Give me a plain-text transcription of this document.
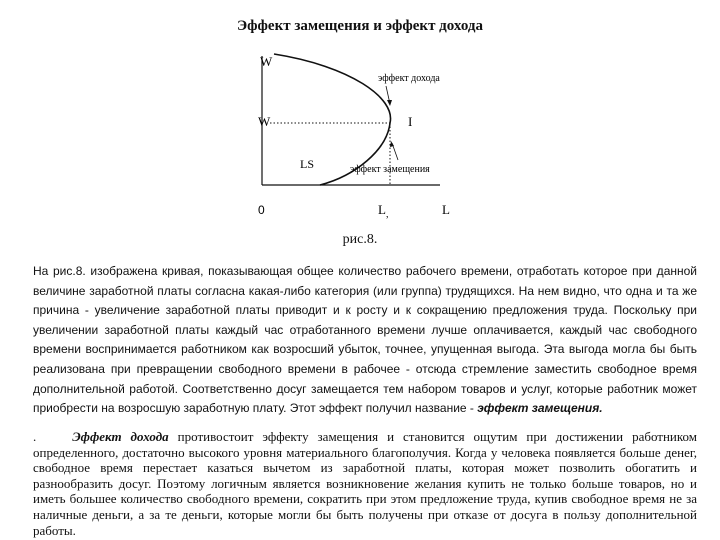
Эффект замещения и эффект дохода
W
W	I
эффект дохода
LS	эффект замещения
0	$L_,$	L
рис.8.

На рис.8. изображена кривая, показывающая общее количество рабочего времени, отработать которое при данной величине заработной платы согласна какая-либо категория (или группа) трудящихся. На нем видно, что одна и та же причина - увеличение заработной платы приводит и к росту и к сокращению предложения труда. Поскольку при увеличении заработной платы каждый час отработанного времени лучше оплачивается, каждый час свободного времени воспринимается работником как возросший убыток, точнее, упущенная выгода. Эта выгода могла бы быть реализована при превращении свободного времени в рабочее - отсюда стремление заместить свободное время дополнительной работой. Соответственно досуг замещается тем набором товаров и услуг, которые работник может приобрести на возросшую заработную плату. Этот эффект получил название - эффект замещения.

.	Эффект дохода противостоит эффекту замещения и становится ощутим при достижении работником определенного, достаточно высокого уровня материального благополучия. Когда у человека появляется больше денег, свободное время перестает казаться вычетом из заработной платы, которая может позволить обогатить и разнообразить досуг. Поэтому логичным является возникновение желания купить не только больше товаров, но и иметь большее количество свободного времени, сократить при этом предложение труда, купив свободное время не за наличные деньги, а за те деньги, которые могли бы быть получены при отказе от досуга в пользу дополнительной работы.
